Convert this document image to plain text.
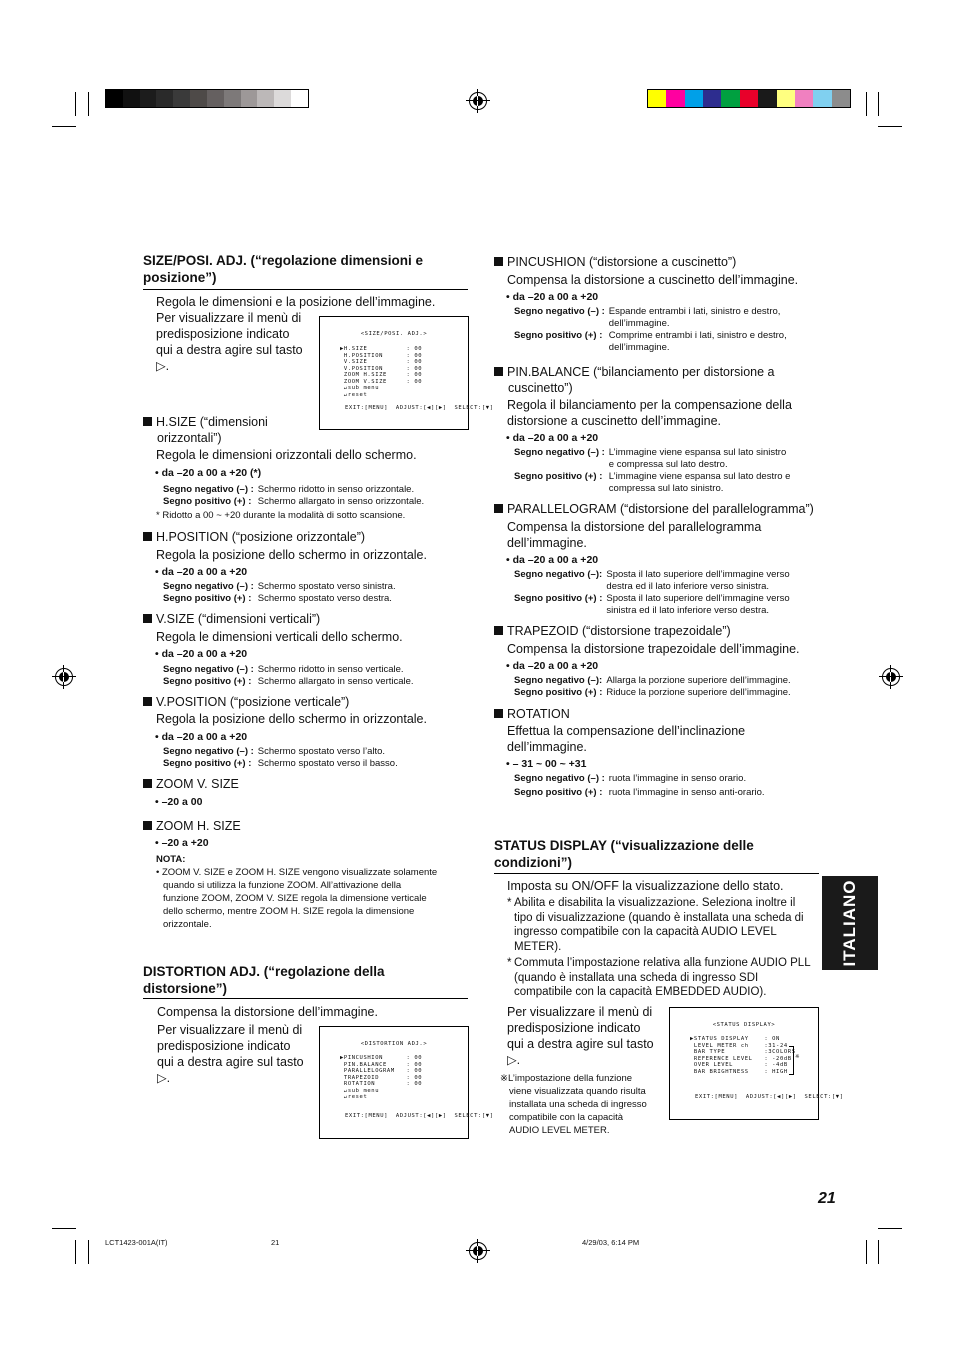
SIZE/POSI. ADJ. (“regolazione dimensioni e
posizione”)
Regola le dimensioni e la posizione dell’immagine.
Per visualizzare il menù di
predisposizione indicato
qui a destra agire sul tasto
▷.
<SIZE/POSI. ADJ.>
▶H.SIZE          : 00
H.POSITION      : 00
V.SIZE          : 00
V.POSITION      : 00
ZOOM H.SIZE     : 00
ZOOM V.SIZE     : 00
↵sub menu
↵reset
EXIT:[MENU]  ADJUST:[◀][▶]  SELECT:[▼]
H.SIZE (“dimensioni
orizzontali”)
Regola le dimensioni orizzontali dello schermo.
• da –20 a 00 a +20 (*)
Segno negativo (–) : Schermo ridotto in senso orizzontale.
Segno positivo (+) : Schermo allargato in senso orizzontale.
* Ridotto a 00 ~ +20 durante la modalità di sotto scansione.
H.POSITION (“posizione orizzontale”)
Regola la posizione dello schermo in orizzontale.
• da –20 a 00 a +20
Segno negativo (–) : Schermo spostato verso sinistra.
Segno positivo (+) : Schermo spostato verso destra.
V.SIZE (“dimensioni verticali”)
Regola le dimensioni verticali dello schermo.
• da –20 a 00 a +20
Segno negativo (–) : Schermo ridotto in senso verticale.
Segno positivo (+) : Schermo allargato in senso verticale.
V.POSITION (“posizione verticale”)
Regola la posizione dello schermo in orizzontale.
• da –20 a 00 a +20
Segno negativo (–) : Schermo spostato verso l’alto.
Segno positivo (+) : Schermo spostato verso il basso.
ZOOM V. SIZE
• –20 a 00
ZOOM H. SIZE
• –20 a +20
NOTA:
• ZOOM V. SIZE e ZOOM H. SIZE vengono visualizzate solamente
quando si utilizza la funzione ZOOM. All’attivazione della
funzione ZOOM, ZOOM V. SIZE regola la dimensione verticale
dello schermo, mentre ZOOM H. SIZE regola la dimensione
orizzontale.
DISTORTION ADJ. (“regolazione della
distorsione”)
Compensa la distorsione dell’immagine.
Per visualizzare il menù di
predisposizione indicato
qui a destra agire sul tasto
▷.
<DISTORTION ADJ.>
▶PINCUSHION      : 00
PIN.BALANCE     : 00
PARALLELOGRAM   : 00
TRAPEZOID       : 00
ROTATION        : 00
↵sub menu
↵reset
EXIT:[MENU]  ADJUST:[◀][▶]  SELECT:[▼]
PINCUSHION (“distorsione a cuscinetto”)
Compensa la distorsione a cuscinetto dell’immagine.
• da –20 a 00 a +20
Segno negativo (–) : Espande entrambi i lati, sinistro e destro,
dell’immagine.
Segno positivo (+) : Comprime entrambi i lati, sinistro e destro,
dell’immagine.
PIN.BALANCE (“bilanciamento per distorsione a
cuscinetto”)
Regola il bilanciamento per la compensazione della
distorsione a cuscinetto dell’immagine.
• da –20 a 00 a +20
Segno negativo (–) : L’immagine viene espansa sul lato sinistro
e compressa sul lato destro.
Segno positivo (+) : L’immagine viene espansa sul lato destro e
compressa sul lato sinistro.
PARALLELOGRAM (“distorsione del parallelogramma”)
Compensa la distorsione del parallelogramma
dell’immagine.
• da –20 a 00 a +20
Segno negativo (–): Sposta il lato superiore dell’immagine verso
destra ed il lato inferiore verso sinistra.
Segno positivo (+) : Sposta il lato superiore dell’immagine verso
sinistra ed il lato inferiore verso destra.
TRAPEZOID (“distorsione trapezoidale”)
Compensa la distorsione trapezoidale dell’immagine.
• da –20 a 00 a +20
Segno negativo (–): Allarga la porzione superiore dell’immagine.
Segno positivo (+) : Riduce la porzione superiore dell’immagine.
ROTATION
Effettua la compensazione dell’inclinazione
dell’immagine.
• – 31 ~ 00 ~ +31
Segno negativo (–) : ruota l’immagine in senso orario.
Segno positivo (+) : ruota l’immagine in senso anti-orario.
STATUS DISPLAY (“visualizzazione delle
condizioni”)
Imposta su ON/OFF la visualizzazione dello stato.
* Abilita e disabilita la visualizzazione. Seleziona inoltre il
tipo di visualizzazione (quando è installata una scheda di
ingresso compatibile con la capacità AUDIO LEVEL
METER).
* Commuta l’impostazione relativa alla funzione AUDIO PLL
(quando è installata una scheda di ingresso SDI
compatibile con la capacità EMBEDDED AUDIO).
Per visualizzare il menù di
predisposizione indicato
qui a destra agire sul tasto
▷.
※L’impostazione della funzione
viene visualizzata quando risulta
installata una scheda di ingresso
compatibile con la capacità
AUDIO LEVEL METER.
<STATUS DISPLAY>
▶STATUS DISPLAY    : ON
LEVEL METER ch    :31-24
BAR TYPE          :3COLORS
REFERENCE LEVEL   : -20dB
OVER LEVEL        : -4dB
BAR BRIGHTNESS    : HIGH
※
EXIT:[MENU]  ADJUST:[◀][▶]  SELECT:[▼]
ITALIANO
21
LCT1423-001A(IT)	21	4/29/03, 6:14 PM
